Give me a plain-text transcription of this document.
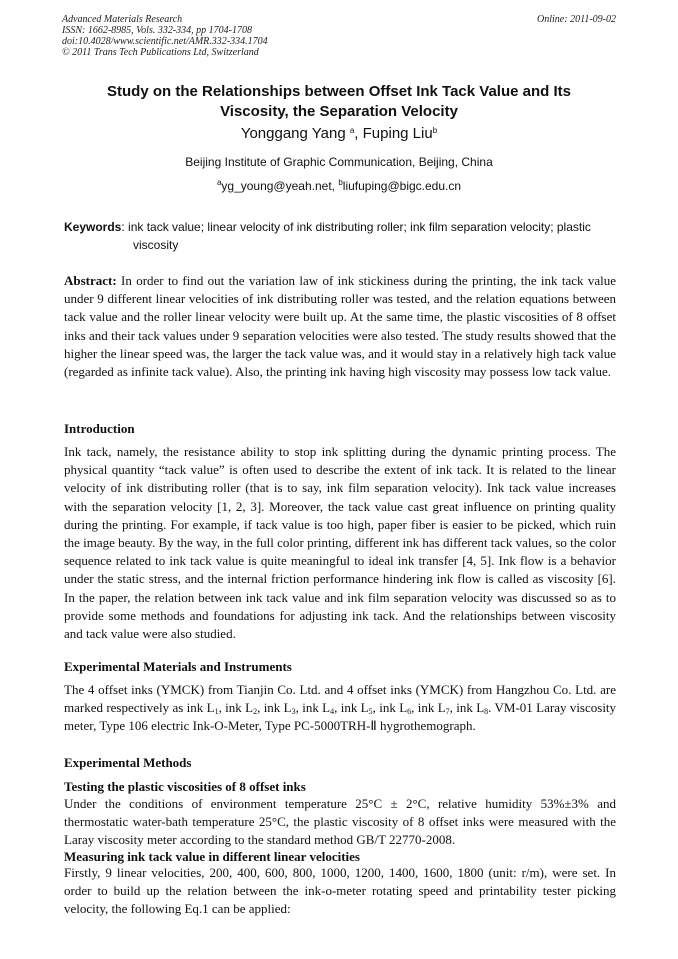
Advanced Materials Research
ISSN: 1662-8985, Vols. 332-334, pp 1704-1708
doi:10.4028/www.scientific.net/AMR.332-334.1704
© 2011 Trans Tech Publications Ltd, Switzerland
Online: 2011-09-02
Study on the Relationships between Offset Ink Tack Value and Its
Viscosity, the Separation Velocity
Yonggang Yang $^a$, Fuping Liu$^b$
Beijing Institute of Graphic Communication, Beijing, China
$^a$yg_young@yeah.net, $^b$liufuping@bigc.edu.cn
Keywords: ink tack value; linear velocity of ink distributing roller; ink film separation velocity; plastic
viscosity
Abstract: In order to find out the variation law of ink stickiness during the printing, the ink tack value under 9 different linear velocities of ink distributing roller was tested, and the relation equations between tack value and the roller linear velocity were built up. At the same time, the plastic viscosities of 8 offset inks and their tack values under 9 separation velocities were also tested. The study results showed that the higher the linear speed was, the larger the tack value was, and it would stay in a relatively high tack value (regarded as infinite tack value). Also, the printing ink having high viscosity may possess low tack value.
Introduction
Ink tack, namely, the resistance ability to stop ink splitting during the dynamic printing process. The physical quantity “tack value” is often used to describe the extent of ink tack. It is related to the linear velocity of ink distributing roller (that is to say, ink film separation velocity). Ink tack value increases with the separation velocity [1, 2, 3]. Moreover, the tack value cast great influence on printing quality during the printing. For example, if tack value is too high, paper fiber is easier to be picked, which ruin the image beauty. By the way, in the full color printing, different ink has different tack values, so the color sequence related to ink tack value is quite meaningful to ideal ink transfer [4, 5]. Ink flow is a behavior under the static stress, and the internal friction performance hindering ink flow is called as viscosity [6]. In the paper, the relation between ink tack value and ink film separation velocity was discussed so as to provide some methods and foundations for adjusting ink tack. And the relationships between viscosity and tack value were also studied.
Experimental Materials and Instruments
The 4 offset inks (YMCK) from Tianjin Co. Ltd. and 4 offset inks (YMCK) from Hangzhou Co. Ltd. are marked respectively as ink $L_1$, ink $L_2$, ink $L_3$, ink $L_4$, ink $L_5$, ink $L_6$, ink $L_7$, ink $L_8$. VM-01 Laray viscosity meter, Type 106 electric Ink-O-Meter, Type PC-5000TRH-Ⅱ hygrothemograph.
Experimental Methods
Testing the plastic viscosities of 8 offset inks
Under the conditions of environment temperature 25°C ± 2°C, relative humidity 53%±3% and thermostatic water-bath temperature 25°C, the plastic viscosity of 8 offset inks were measured with the Laray viscosity meter according to the standard method GB/T 22770-2008.
Measuring ink tack value in different linear velocities
Firstly, 9 linear velocities, 200, 400, 600, 800, 1000, 1200, 1400, 1600, 1800 (unit: r/m), were set. In order to build up the relation between the ink-o-meter rotating speed and printability tester picking velocity, the following Eq.1 can be applied:
